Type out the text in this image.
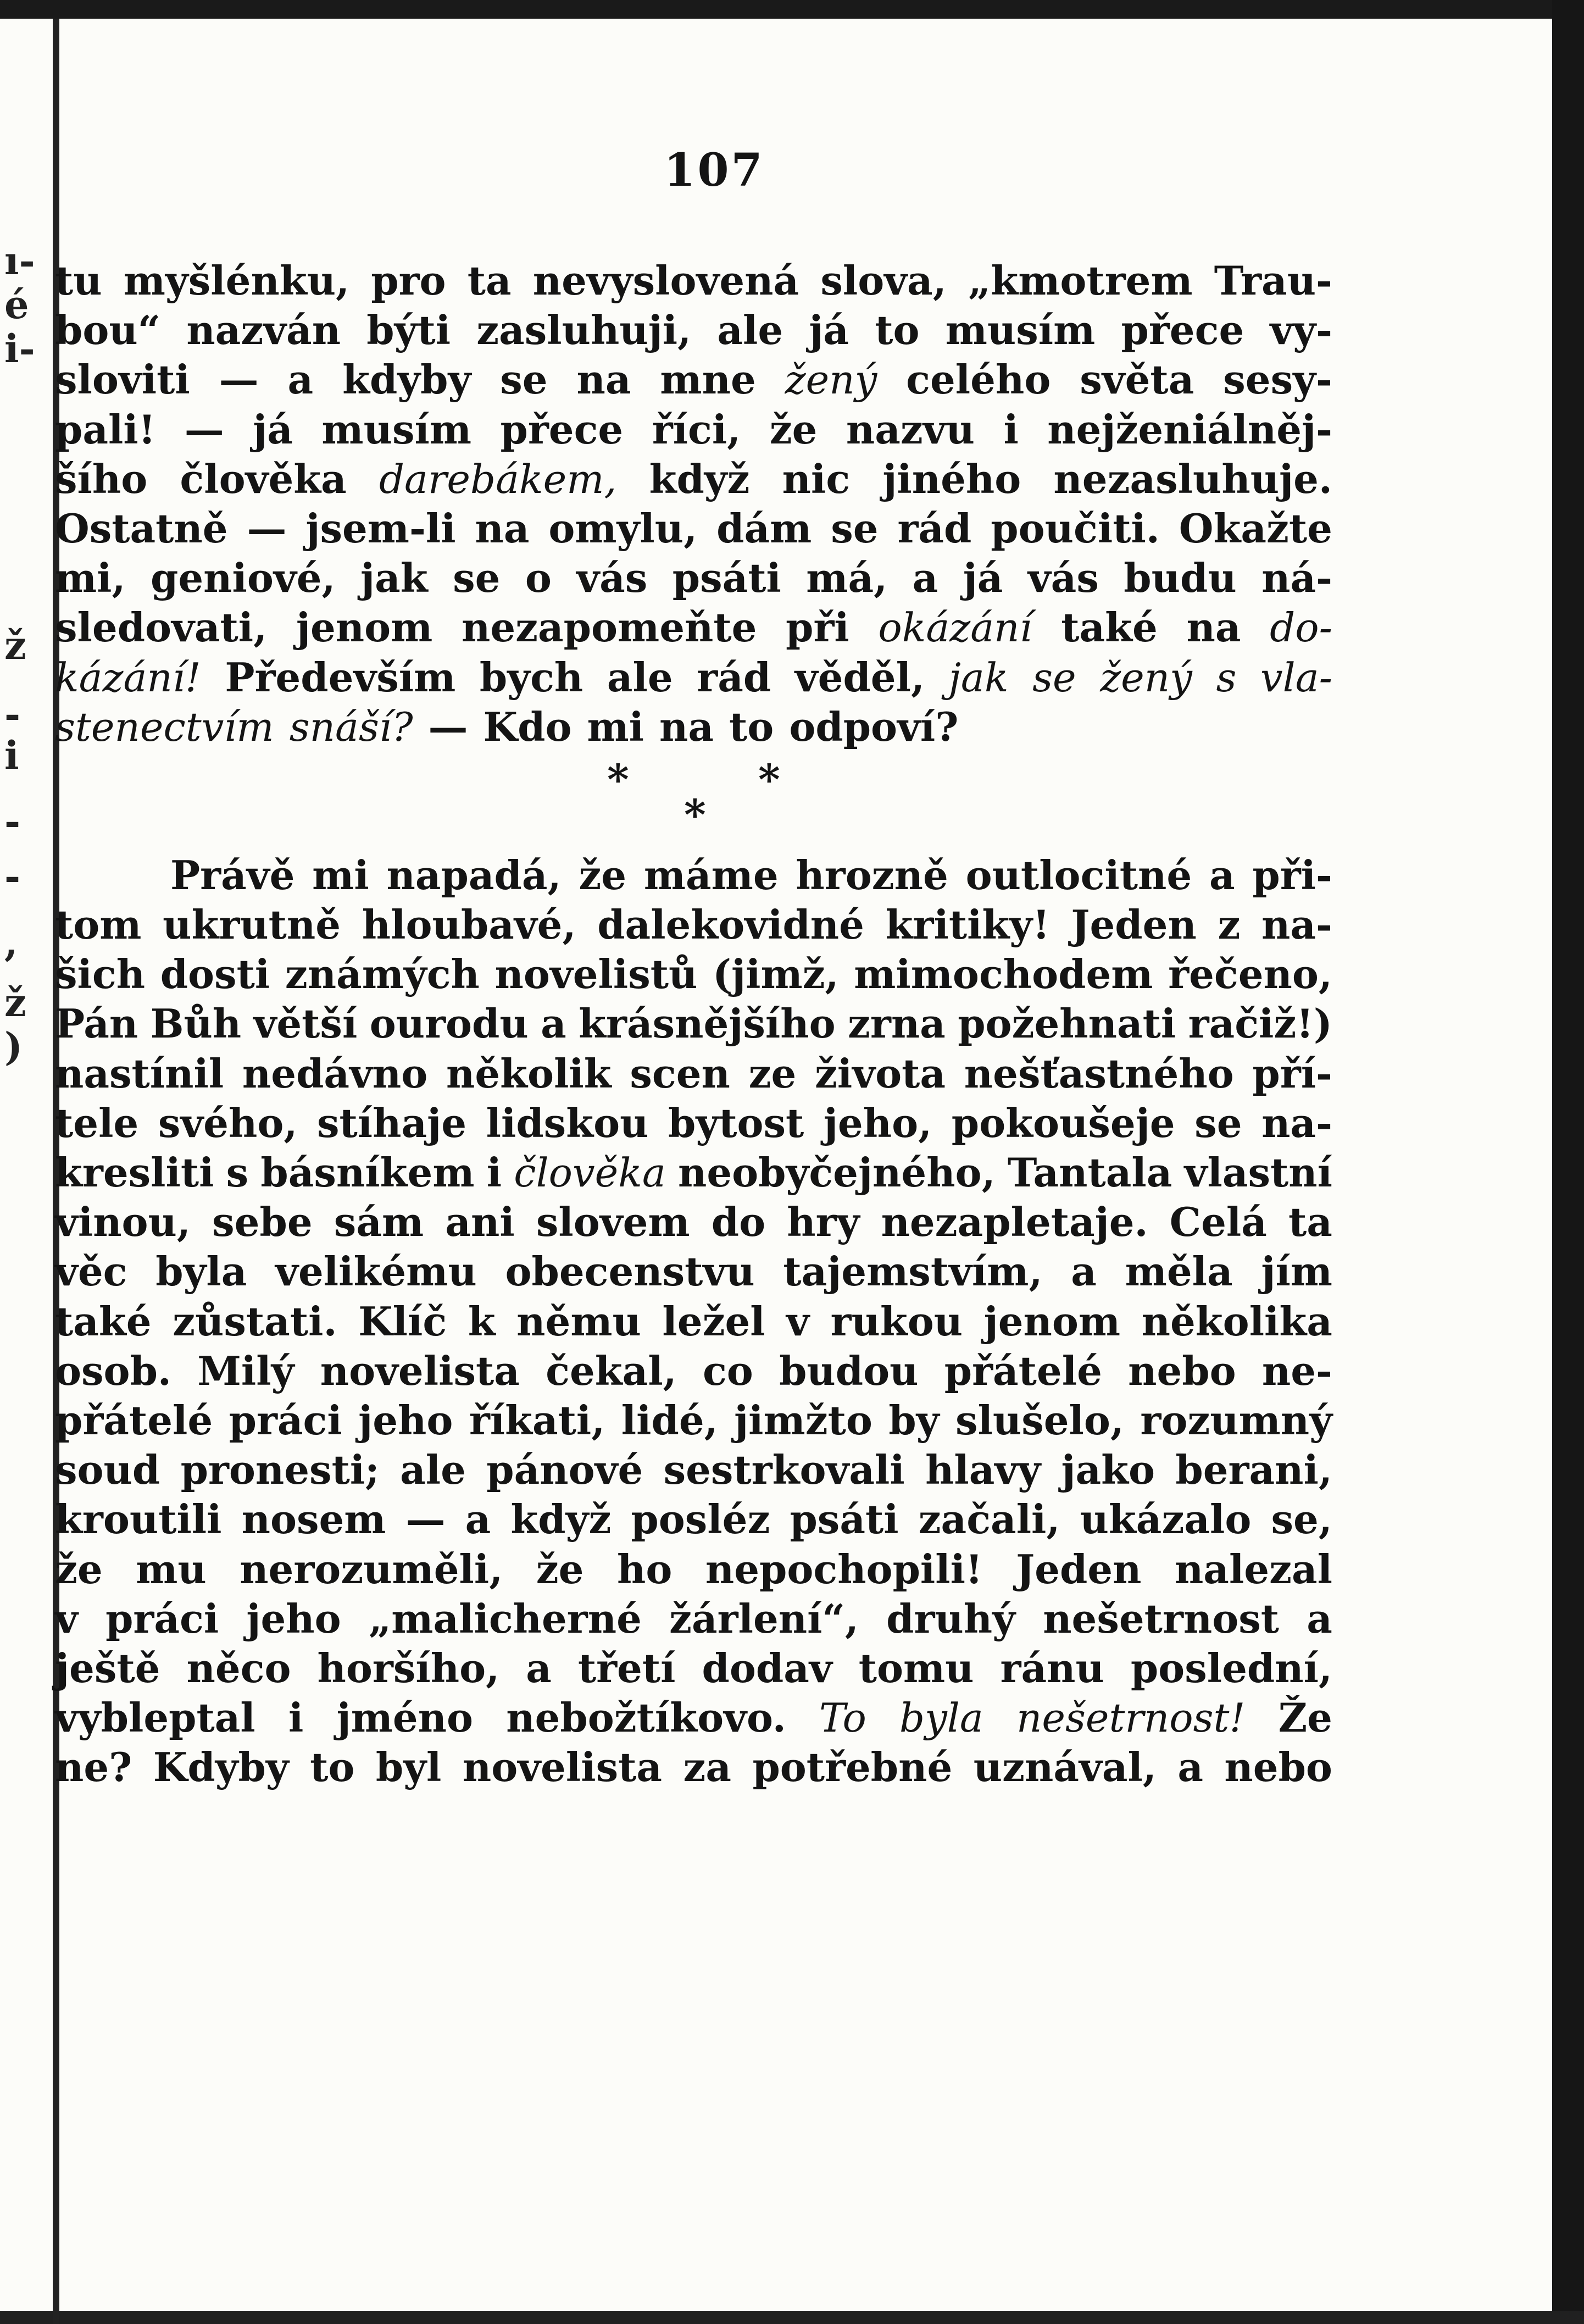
ı-
é
i-
ž
-
i
-
-
,
ž
)
107
tu myšlénku, pro ta nevyslovená slova, „kmotrem Trau-
bou“ nazván býti zasluhuji, ale já to musím přece vy-
sloviti — a kdyby se na mne žený celého světa sesy-
pali! — já musím přece říci, že nazvu i nejženiálněj-
šího člověka darebákem, když nic jiného nezasluhuje.
Ostatně — jsem-li na omylu, dám se rád poučiti. Okažte
mi, geniové, jak se o vás psáti má, a já vás budu ná-
sledovati, jenom nezapomeňte při okázání také na do-
kázání! Především bych ale rád věděl, jak se žený s vla-
stenectvím snáší? — Kdo mi na to odpoví?
*	*
*
Právě mi napadá, že máme hrozně outlocitné a při-
tom ukrutně hloubavé, dalekovidné kritiky! Jeden z na-
šich dosti známých novelistů (jimž, mimochodem řečeno,
Pán Bůh větší ourodu a krásnějšího zrna požehnati račiž!)
nastínil nedávno několik scen ze života nešťastného pří-
tele svého, stíhaje lidskou bytost jeho, pokoušeje se na-
kresliti s básníkem i člověka neobyčejného, Tantala vlastní
vinou, sebe sám ani slovem do hry nezapletaje. Celá ta
věc byla velikému obecenstvu tajemstvím, a měla jím
také zůstati. Klíč k němu ležel v rukou jenom několika
osob. Milý novelista čekal, co budou přátelé nebo ne-
přátelé práci jeho říkati, lidé, jimžto by slušelo, rozumný
soud pronesti; ale pánové sestrkovali hlavy jako berani,
kroutili nosem — a když posléz psáti začali, ukázalo se,
že mu nerozuměli, že ho nepochopili! Jeden nalezal
v práci jeho „malicherné žárlení“, druhý nešetrnost a
ještě něco horšího, a třetí dodav tomu ránu poslední,
vybleptal i jméno nebožtíkovo. To byla nešetrnost! Že
ne? Kdyby to byl novelista za potřebné uznával, a nebo
